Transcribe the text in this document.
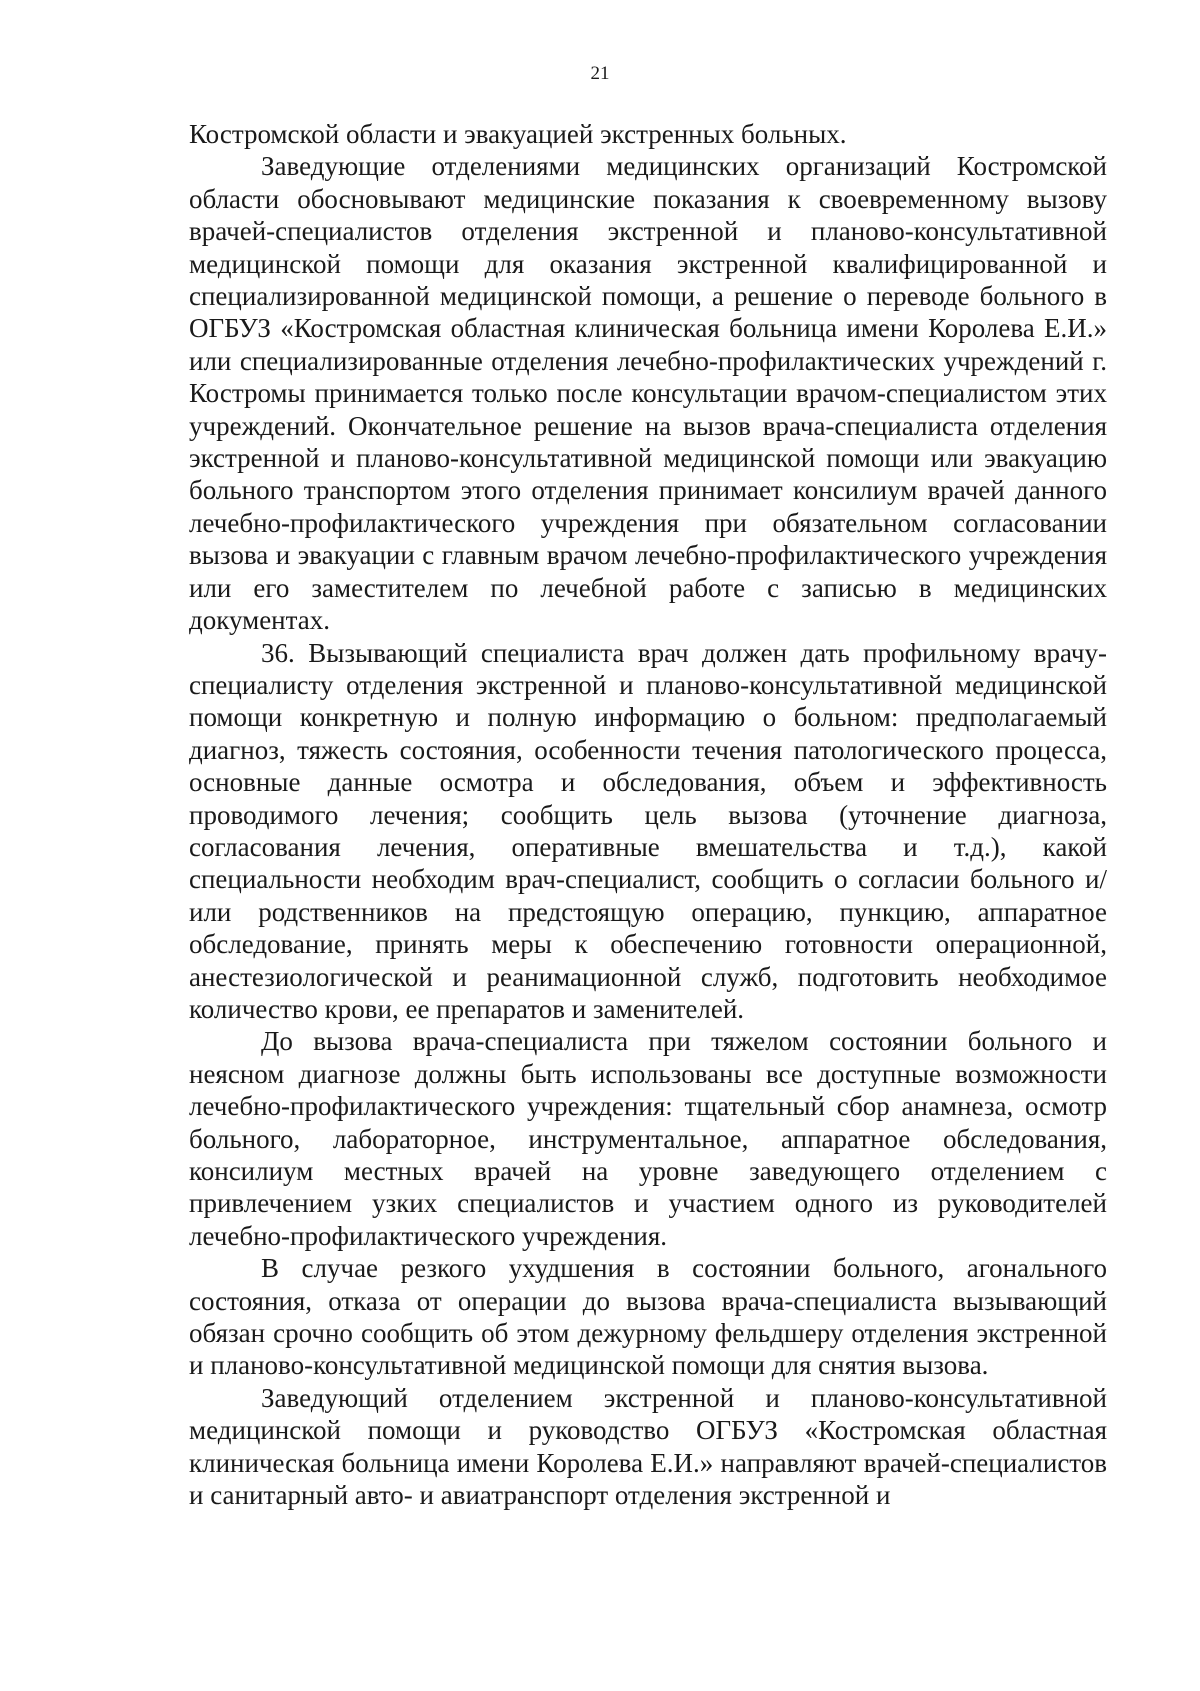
21

Костромской области и эвакуацией экстренных больных.

Заведующие отделениями медицинских организаций Костромской области обосновывают медицинские показания к своевременному вызову врачей-специалистов отделения экстренной и планово-консультативной медицинской помощи для оказания экстренной квалифицированной и специализированной медицинской помощи, а решение о переводе больного в ОГБУЗ «Костромская областная клиническая больница имени Королева Е.И.» или специализированные отделения лечебно-профилактических учреждений г. Костромы принимается только после консультации врачом-специалистом этих учреждений. Окончательное решение на вызов врача-специалиста отделения экстренной и планово-консультативной медицинской помощи или эвакуацию больного транспортом этого отделения принимает консилиум врачей данного лечебно-профилактического учреждения при обязательном согласовании вызова и эвакуации с главным врачом лечебно-профилактического учреждения или его заместителем по лечебной работе с записью в медицинских документах.

36. Вызывающий специалиста врач должен дать профильному врачу-специалисту отделения экстренной и планово-консультативной медицинской помощи конкретную и полную информацию о больном: предполагаемый диагноз, тяжесть состояния, особенности течения патологического процесса, основные данные осмотра и обследования, объем и эффективность проводимого лечения; сообщить цель вызова (уточнение диагноза, согласования лечения, оперативные вмешательства и т.д.), какой специальности необходим врач-специалист, сообщить о согласии больного и/или родственников на предстоящую операцию, пункцию, аппаратное обследование, принять меры к обеспечению готовности операционной, анестезиологической и реанимационной служб, подготовить необходимое количество крови, ее препаратов и заменителей.

До вызова врача-специалиста при тяжелом состоянии больного и неясном диагнозе должны быть использованы все доступные возможности лечебно-профилактического учреждения: тщательный сбор анамнеза, осмотр больного, лабораторное, инструментальное, аппаратное обследования, консилиум местных врачей на уровне заведующего отделением с привлечением узких специалистов и участием одного из руководителей лечебно-профилактического учреждения.

В случае резкого ухудшения в состоянии больного, агонального состояния, отказа от операции до вызова врача-специалиста вызывающий обязан срочно сообщить об этом дежурному фельдшеру отделения экстренной и планово-консультативной медицинской помощи для снятия вызова.

Заведующий отделением экстренной и планово-консультативной медицинской помощи и руководство ОГБУЗ «Костромская областная клиническая больница имени Королева Е.И.» направляют врачей-специалистов и санитарный авто- и авиатранспорт отделения экстренной и
